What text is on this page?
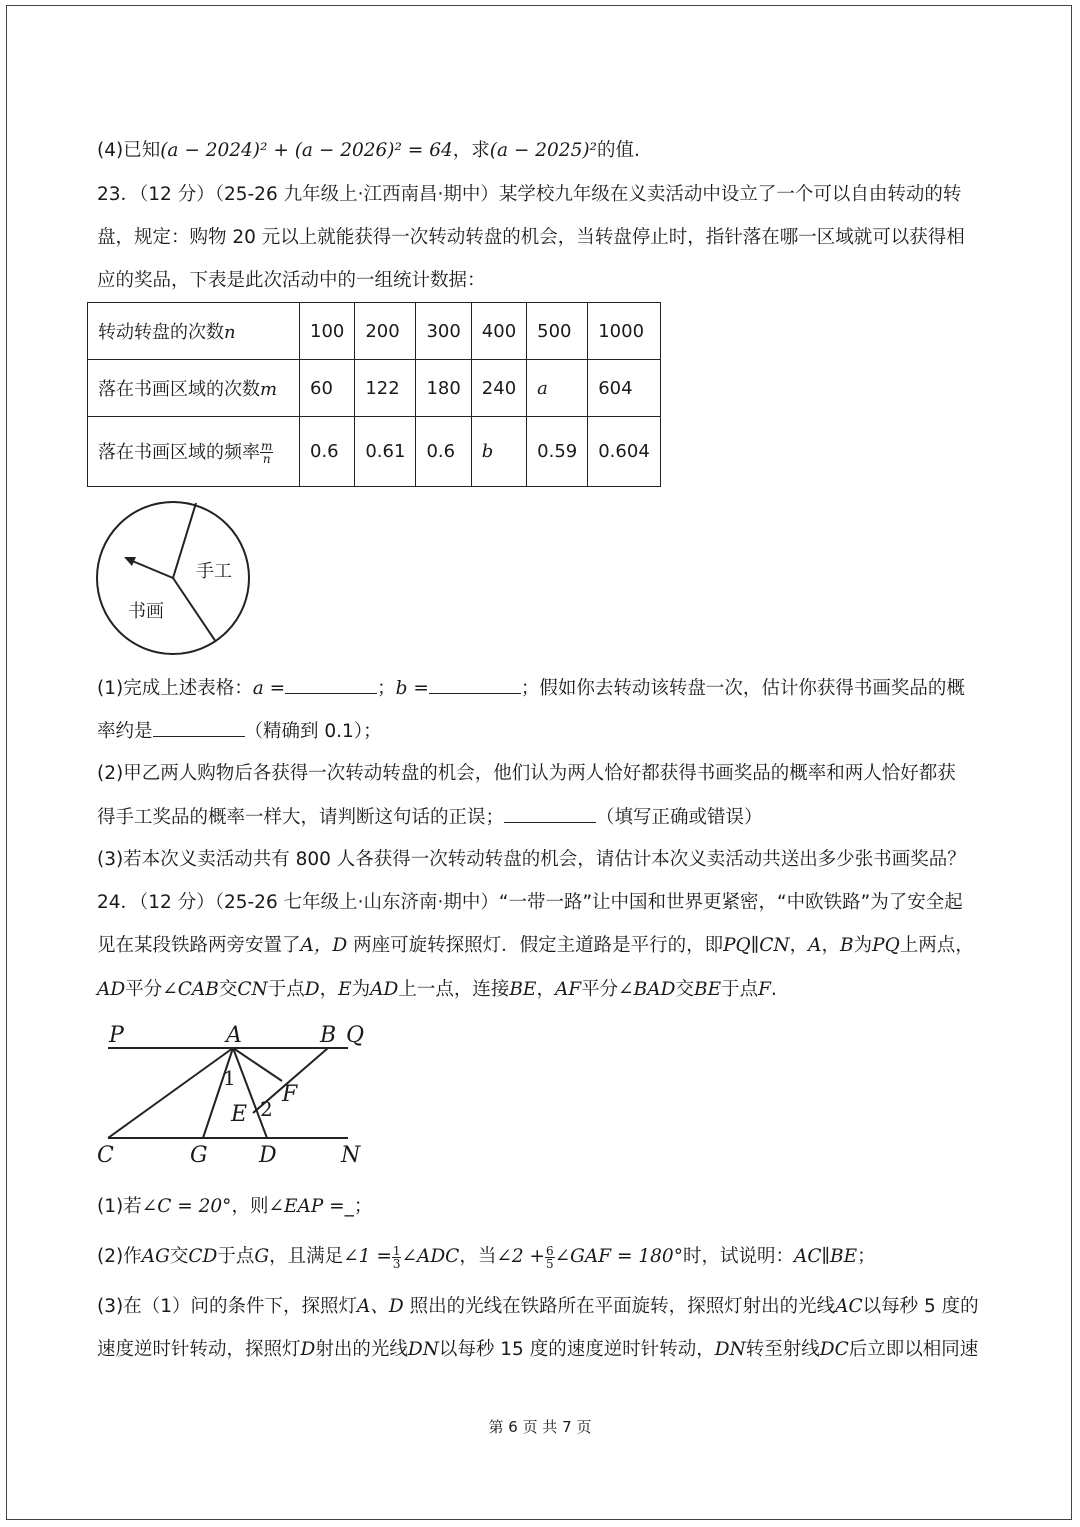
(4)已知(a − 2024)² + (a − 2026)² = 64，求(a − 2025)²的值.
23．（12 分）（25-26 九年级上·江西南昌·期中）某学校九年级在义卖活动中设立了一个可以自由转动的转
盘，规定：购物 20 元以上就能获得一次转动转盘的机会，当转盘停止时，指针落在哪一区域就可以获得相
应的奖品，下表是此次活动中的一组统计数据：
转动转盘的次数n	100	200	300	400	500	1000
落在书画区域的次数m	60	122	180	240	a	604
落在书画区域的频率 $\frac{m}{n}$	0.6	0.61	0.6	b	0.59	0.604
手工
书画
(1)完成上述表格：a =	；b =	；假如你去转动该转盘一次，估计你获得书画奖品的概
率约是	（精确到 0.1）；
(2)甲乙两人购物后各获得一次转动转盘的机会，他们认为两人恰好都获得书画奖品的概率和两人恰好都获
得手工奖品的概率一样大，请判断这句话的正误；	（填写正确或错误）
(3)若本次义卖活动共有 800 人各获得一次转动转盘的机会，请估计本次义卖活动共送出多少张书画奖品？
24．（12 分）（25-26 七年级上·山东济南·期中）“一带一路”让中国和世界更紧密，“中欧铁路”为了安全起
见在某段铁路两旁安置了A，D 两座可旋转探照灯．假定主道路是平行的，即PQ∥CN，A，B为PQ上两点，
AD平分∠CAB交CN于点D，E为AD上一点，连接BE，AF平分∠BAD交BE于点F.
P	A	B Q
C	G D	N
E
F
1
2
(1)若∠C = 20°，则∠EAP =_；
(2)作AG交CD于点G，且满足∠1 = $\frac{1}{3}$ ∠ADC，当∠2 + $\frac{6}{5}$ ∠GAF = 180°时，试说明：AC∥BE；
(3)在（1）问的条件下，探照灯A、D 照出的光线在铁路所在平面旋转，探照灯射出的光线AC以每秒 5 度的
速度逆时针转动，探照灯D射出的光线DN以每秒 15 度的速度逆时针转动，DN转至射线DC后立即以相同速
第 6 页 共 7 页
